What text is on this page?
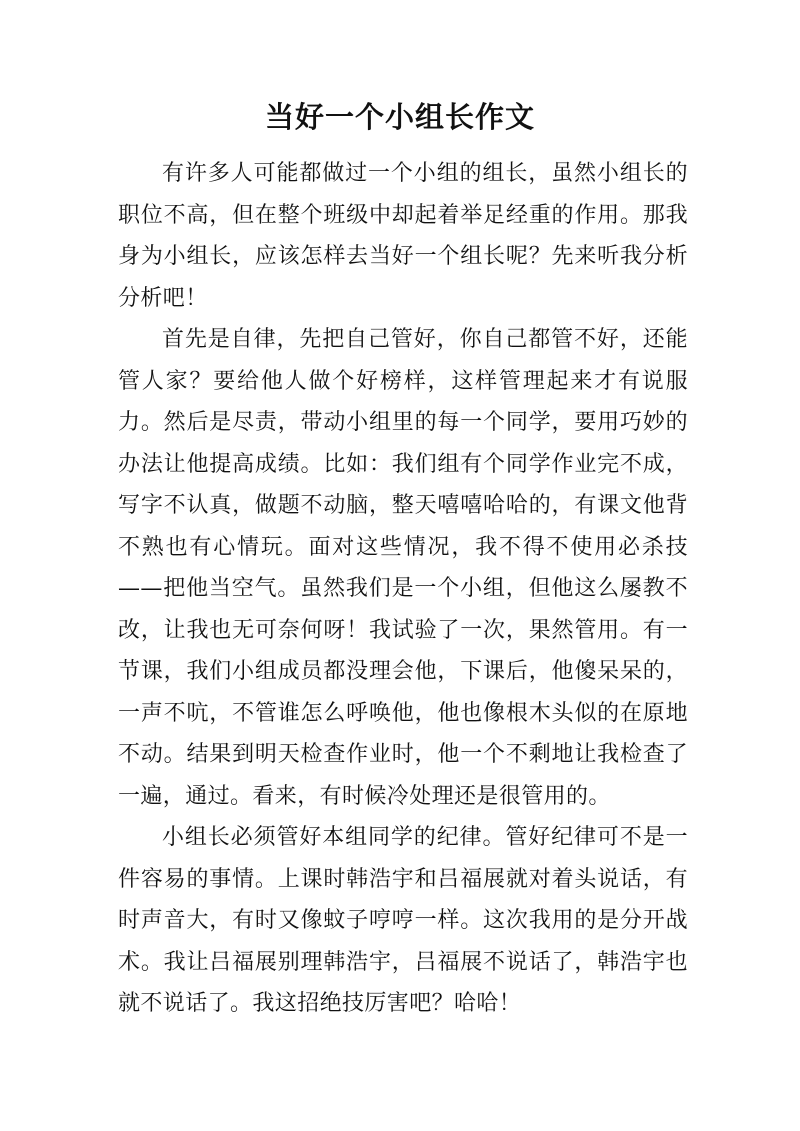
当好一个小组长作文

有许多人可能都做过一个小组的组长，虽然小组长的职位不高，但在整个班级中却起着举足经重的作用。那我身为小组长，应该怎样去当好一个组长呢？先来听我分析分析吧！

首先是自律，先把自己管好，你自己都管不好，还能管人家？要给他人做个好榜样，这样管理起来才有说服力。然后是尽责，带动小组里的每一个同学，要用巧妙的办法让他提高成绩。比如：我们组有个同学作业完不成，写字不认真，做题不动脑，整天嘻嘻哈哈的，有课文他背不熟也有心情玩。面对这些情况，我不得不使用必杀技——把他当空气。虽然我们是一个小组，但他这么屡教不改，让我也无可奈何呀！我试验了一次，果然管用。有一节课，我们小组成员都没理会他，下课后，他傻呆呆的，一声不吭，不管谁怎么呼唤他，他也像根木头似的在原地不动。结果到明天检查作业时，他一个不剩地让我检查了一遍，通过。看来，有时候冷处理还是很管用的。

小组长必须管好本组同学的纪律。管好纪律可不是一件容易的事情。上课时韩浩宇和吕福展就对着头说话，有时声音大，有时又像蚊子哼哼一样。这次我用的是分开战术。我让吕福展别理韩浩宇，吕福展不说话了，韩浩宇也就不说话了。我这招绝技厉害吧？哈哈！
